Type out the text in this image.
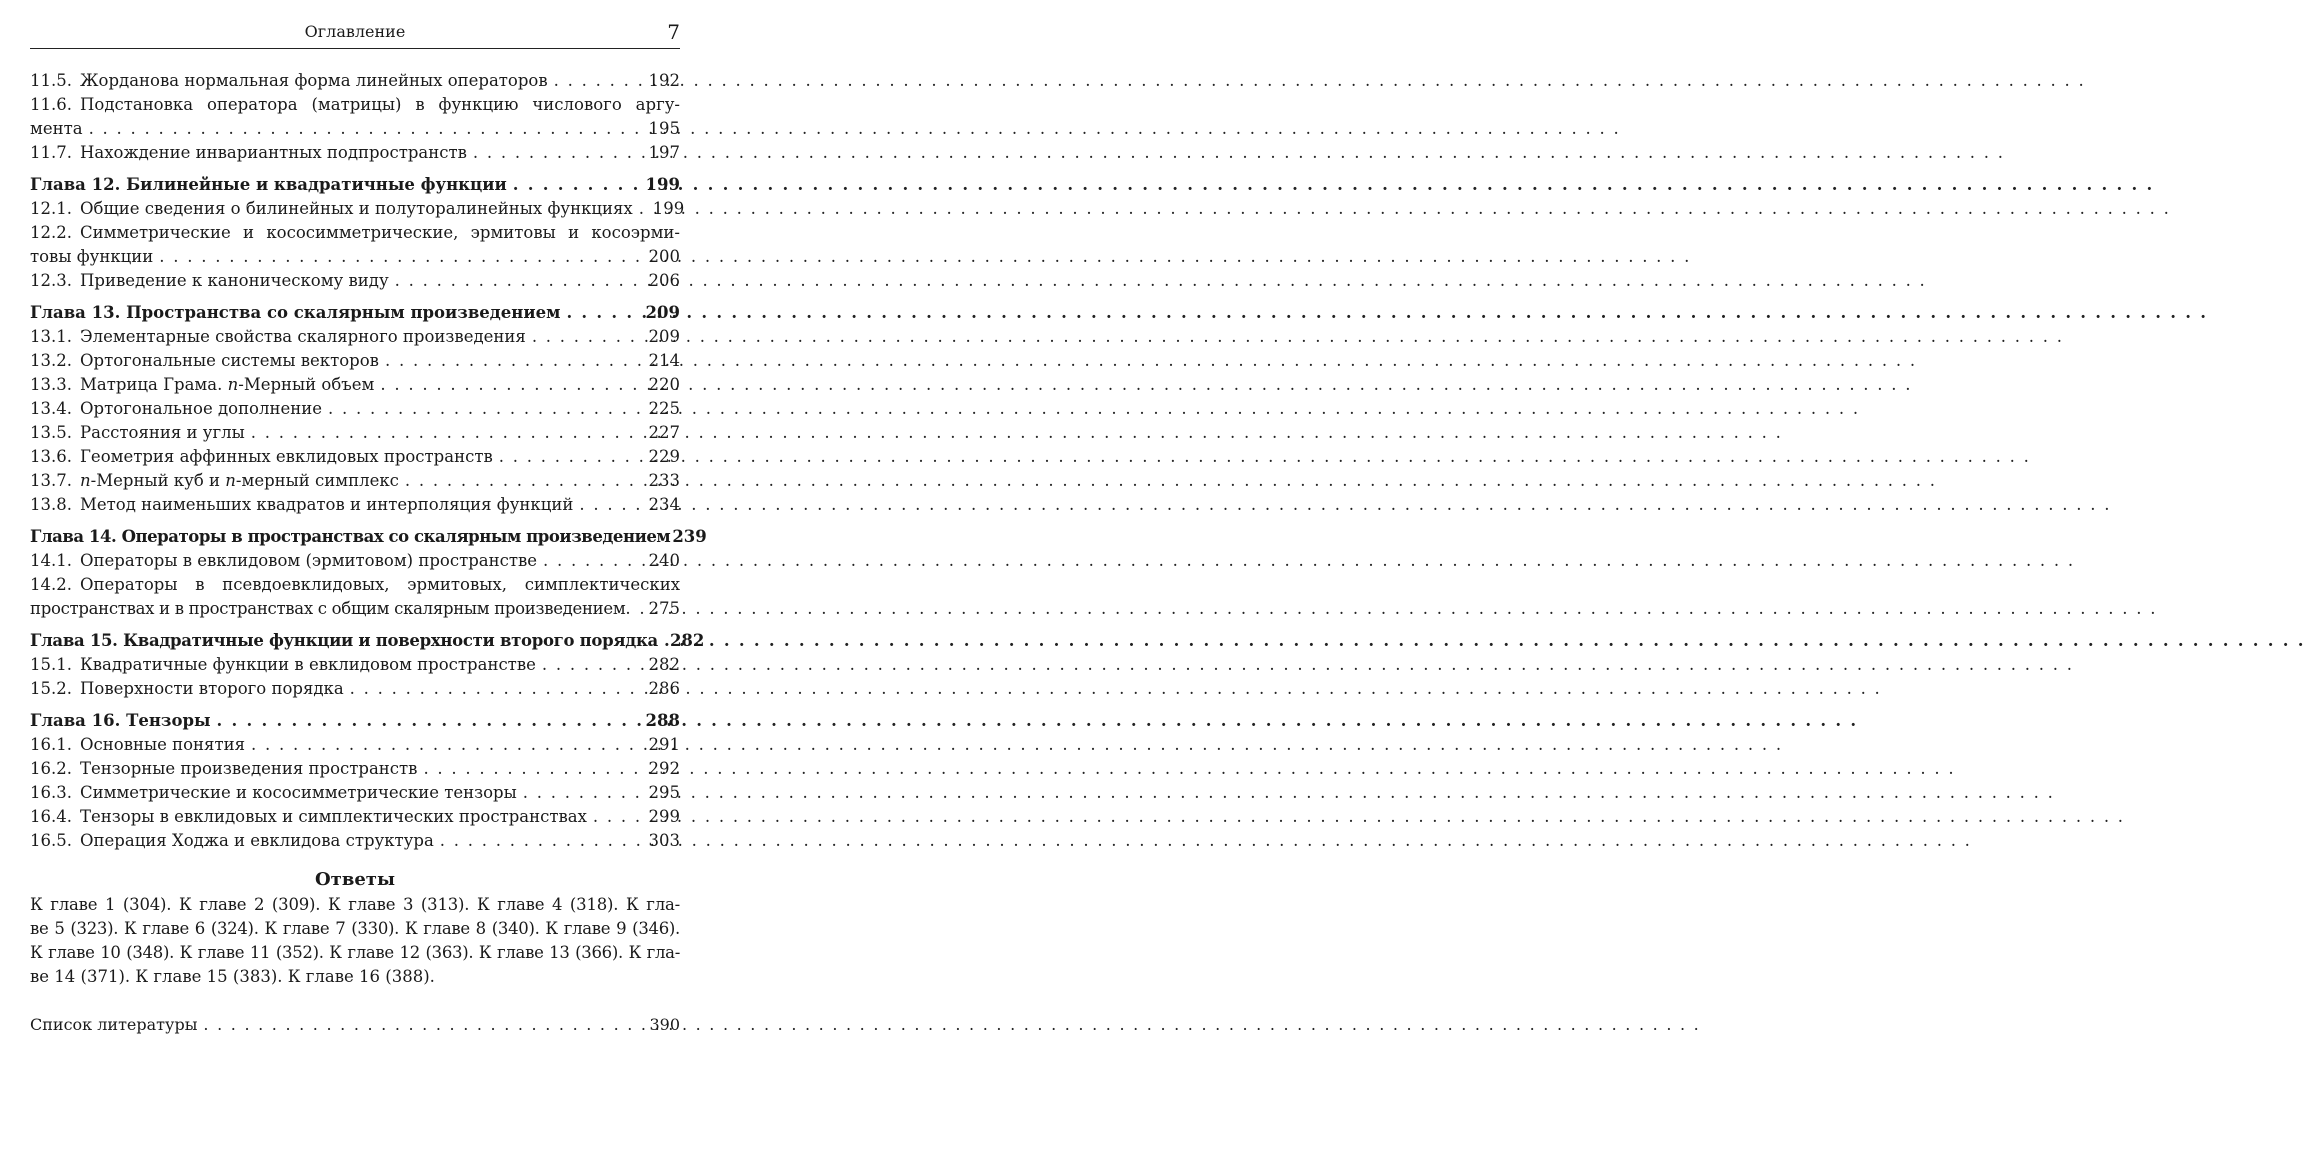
Оглавление	7
11.5. Жорданова нормальная форма линейных операторов . . .	192
11.6. Подстановка оператора (матрицы) в функцию числового аргу-
мента . . .	195
11.7. Нахождение инвариантных подпространств . . .	197
Глава 12. Билинейные и квадратичные функции . . .	199
12.1. Общие сведения о билинейных и полуторалинейных функциях . . .	199
12.2. Симметрические и кососимметрические, эрмитовы и косоэрми-
товы функции . . .	200
12.3. Приведение к каноническому виду . . .	206
Глава 13. Пространства со скалярным произведением . . .	209
13.1. Элементарные свойства скалярного произведения . . .	209
13.2. Ортогональные системы векторов . . .	214
13.3. Матрица Грама. n-Мерный объем . . .	220
13.4. Ортогональное дополнение . . .	225
13.5. Расстояния и углы . . .	227
13.6. Геометрия аффинных евклидовых пространств . . .	229
13.7. n-Мерный куб и n-мерный симплекс . . .	233
13.8. Метод наименьших квадратов и интерполяция функций . . .	234
Глава 14. Операторы в пространствах со скалярным произведением 239
14.1. Операторы в евклидовом (эрмитовом) пространстве . . .	240
14.2. Операторы в псевдоевклидовых, эрмитовых, симплектических
пространствах и в пространствах с общим скалярным произведением . . .	275
Глава 15. Квадратичные функции и поверхности второго порядка . . . 282
15.1. Квадратичные функции в евклидовом пространстве . . .	282
15.2. Поверхности второго порядка . . .	286
Глава 16. Тензоры . . .	288
16.1. Основные понятия . . .	291
16.2. Тензорные произведения пространств . . .	292
16.3. Симметрические и кососимметрические тензоры . . .	295
16.4. Тензоры в евклидовых и симплектических пространствах . . .	299
16.5. Операция Ходжа и евклидова структура . . .	303
Ответы
К главе 1 (304). К главе 2 (309). К главе 3 (313). К главе 4 (318). К гла-
ве 5 (323). К главе 6 (324). К главе 7 (330). К главе 8 (340). К главе 9 (346).
К главе 10 (348). К главе 11 (352). К главе 12 (363). К главе 13 (366). К гла-
ве 14 (371). К главе 15 (383). К главе 16 (388).
Список литературы . . .	390
